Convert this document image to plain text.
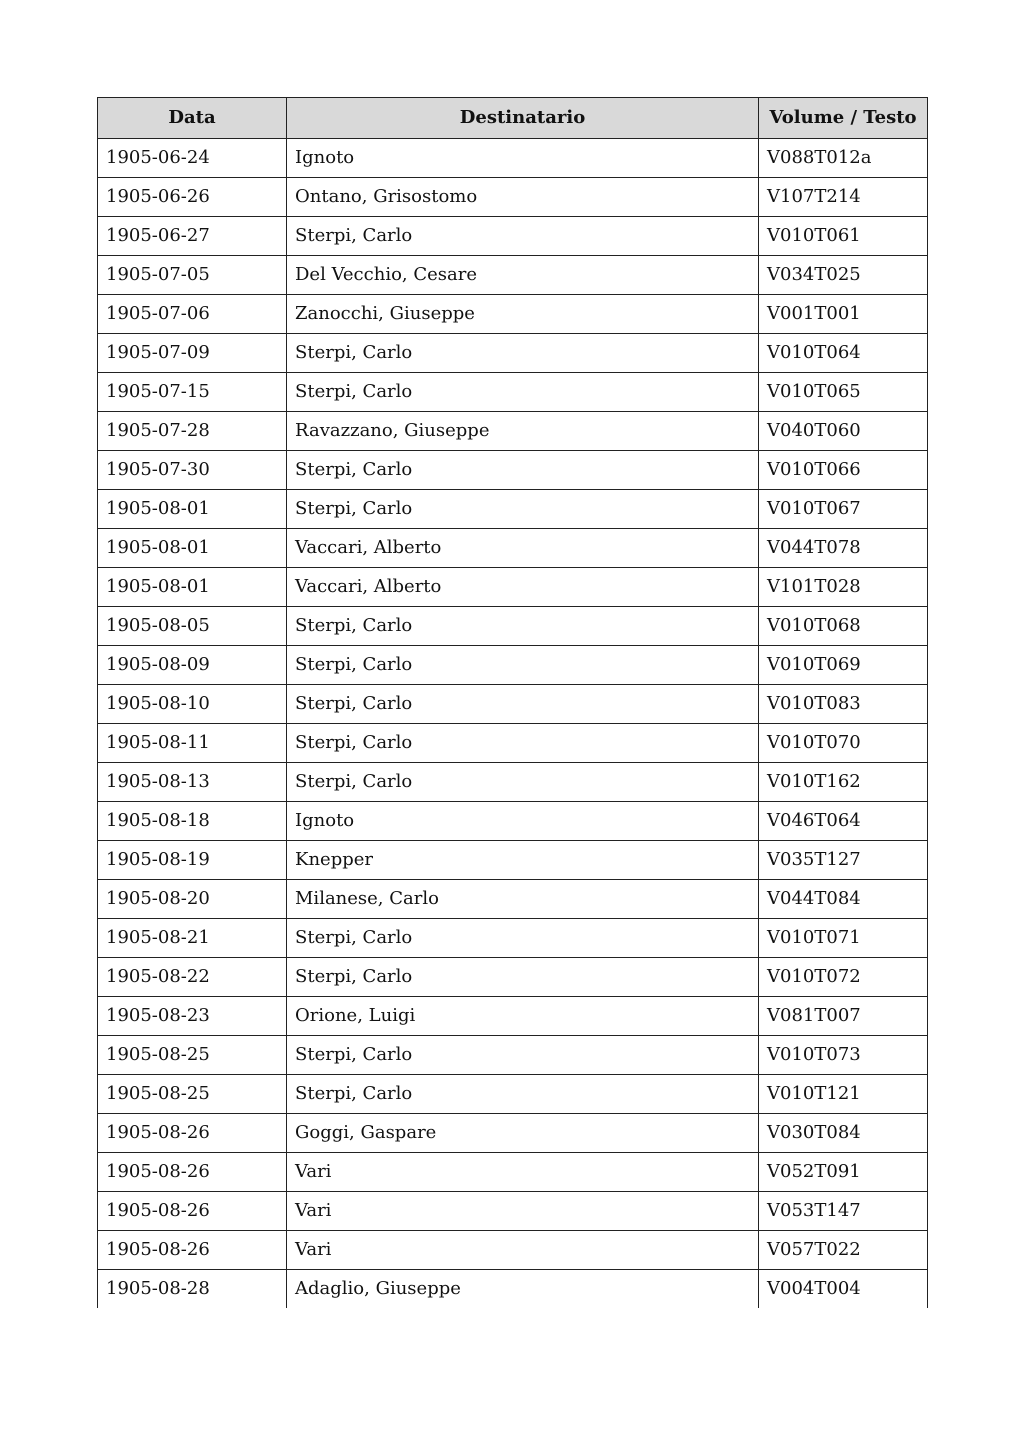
Data	Destinatario	Volume / Testo
1905-06-24	Ignoto	V088T012a
1905-06-26	Ontano, Grisostomo	V107T214
1905-06-27	Sterpi, Carlo	V010T061
1905-07-05	Del Vecchio, Cesare	V034T025
1905-07-06	Zanocchi, Giuseppe	V001T001
1905-07-09	Sterpi, Carlo	V010T064
1905-07-15	Sterpi, Carlo	V010T065
1905-07-28	Ravazzano, Giuseppe	V040T060
1905-07-30	Sterpi, Carlo	V010T066
1905-08-01	Sterpi, Carlo	V010T067
1905-08-01	Vaccari, Alberto	V044T078
1905-08-01	Vaccari, Alberto	V101T028
1905-08-05	Sterpi, Carlo	V010T068
1905-08-09	Sterpi, Carlo	V010T069
1905-08-10	Sterpi, Carlo	V010T083
1905-08-11	Sterpi, Carlo	V010T070
1905-08-13	Sterpi, Carlo	V010T162
1905-08-18	Ignoto	V046T064
1905-08-19	Knepper	V035T127
1905-08-20	Milanese, Carlo	V044T084
1905-08-21	Sterpi, Carlo	V010T071
1905-08-22	Sterpi, Carlo	V010T072
1905-08-23	Orione, Luigi	V081T007
1905-08-25	Sterpi, Carlo	V010T073
1905-08-25	Sterpi, Carlo	V010T121
1905-08-26	Goggi, Gaspare	V030T084
1905-08-26	Vari	V052T091
1905-08-26	Vari	V053T147
1905-08-26	Vari	V057T022
1905-08-28	Adaglio, Giuseppe	V004T004
